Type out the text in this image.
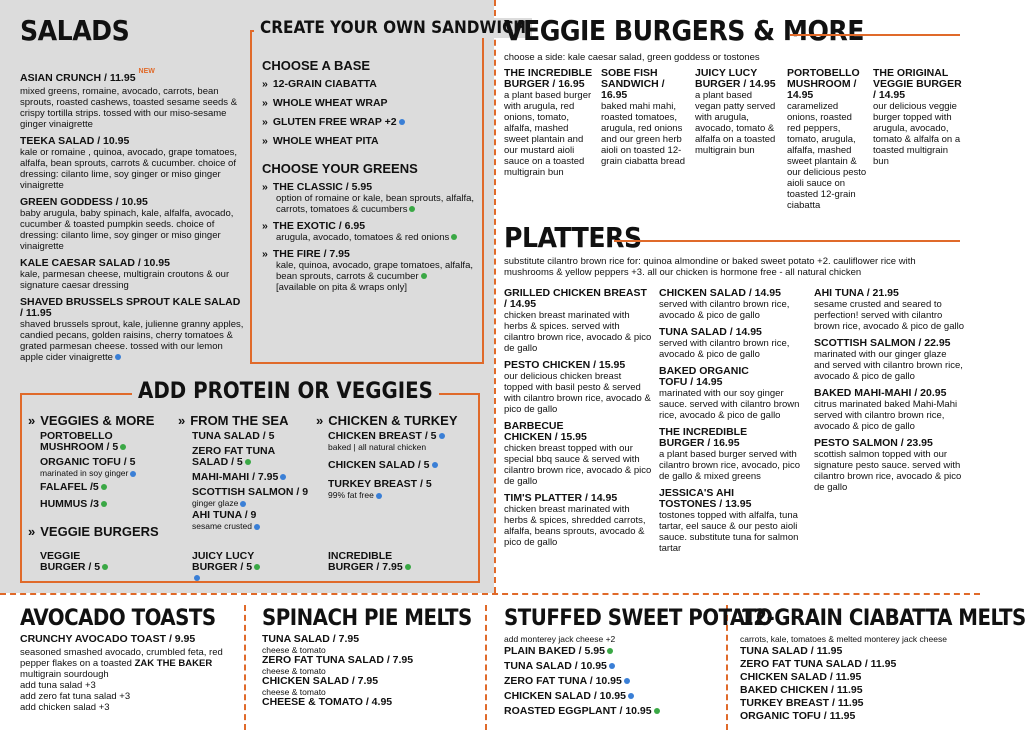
SALADS
ASIAN CRUNCH / $11.95^{NEW}$
mixed greens, romaine, avocado, carrots, bean sprouts, roasted cashews, toasted sesame seeds & crispy tortilla strips. tossed with our miso-sesame ginger vinaigrette
TEEKA SALAD / 10.95
kale or romaine , quinoa, avocado, grape tomatoes, alfalfa, bean sprouts, carrots & cucumber. choice of dressing: cilanto lime, soy ginger or miso ginger vinaigrette
GREEN GODDESS / 10.95
baby arugula, baby spinach, kale, alfalfa, avocado, cucumber & toasted pumpkin seeds. choice of dressing: cilanto lime, soy ginger or miso ginger vinaigrette
KALE CAESAR SALAD / 10.95
kale, parmesan cheese, multigrain croutons & our signature caesar dressing
SHAVED BRUSSELS SPROUT KALE SALAD / 11.95
shaved brussels sprout, kale, julienne granny apples, candied pecans, golden raisins, cherry tomatoes & grated parmesan cheese. tossed with our lemon apple cider vinaigrette
CREATE YOUR OWN SANDWICH
CHOOSE A BASE
» 12-GRAIN CIABATTA
» WHOLE WHEAT WRAP
» GLUTEN FREE WRAP +2
» WHOLE WHEAT PITA
CHOOSE YOUR GREENS
» THE CLASSIC / 5.95
option of romaine or kale, bean sprouts, alfalfa, carrots, tomatoes & cucumbers
» THE EXOTIC / 6.95
arugula, avocado, tomatoes & red onions
» THE FIRE / 7.95
kale, quinoa, avocado, grape tomatoes, alfalfa, bean sprouts, carrots & cucumber
[available on pita & wraps only]
ADD PROTEIN OR VEGGIES
» VEGGIES & MORE
PORTOBELLO MUSHROOM / 5
ORGANIC TOFU / 5
marinated in soy ginger
FALAFEL /5
HUMMUS /3
» VEGGIE BURGERS
» FROM THE SEA
TUNA SALAD / 5
ZERO FAT TUNA SALAD / 5
MAHI-MAHI / 7.95
SCOTTISH SALMON / 9
ginger glaze
AHI TUNA / 9
sesame crusted
» CHICKEN & TURKEY
CHICKEN BREAST / 5
baked | all natural chicken
CHICKEN SALAD / 5
TURKEY BREAST / 5
99% fat free
VEGGIE BURGER / 5
JUICY LUCY BURGER / 5
INCREDIBLE BURGER / 7.95
VEGGIE BURGERS & MORE
choose a side: kale caesar salad, green goddess or tostones
THE INCREDIBLE BURGER / 16.95
a plant based burger with arugula, red onions, tomato, alfalfa, mashed sweet plantain and our mustard aioli sauce on a toasted multigrain bun
SOBE FISH SANDWICH / 16.95
baked mahi mahi, roasted tomatoes, arugula, red onions and our green herb aioli on toasted 12-grain ciabatta bread
JUICY LUCY BURGER / 14.95
a plant based vegan patty served with arugula, avocado, tomato & alfalfa on a toasted multigrain bun
PORTOBELLO MUSHROOM / 14.95
caramelized onions, roasted red peppers, tomato, arugula, alfalfa, mashed sweet plantain & our delicious pesto aioli sauce on toasted 12-grain ciabatta
THE ORIGINAL VEGGIE BURGER / 14.95
our delicious veggie burger topped with arugula, avocado, tomato & alfalfa on a toasted multigrain bun
PLATTERS
substitute cilantro brown rice for: quinoa almondine or baked sweet potato +2. cauliflower rice with mushrooms & yellow peppers +3. all our chicken is hormone free - all natural chicken
GRILLED CHICKEN BREAST / 14.95
chicken breast marinated with herbs & spices. served with cilantro brown rice, avocado & pico de gallo
PESTO CHICKEN / 15.95
our delicious chicken breast topped with basil pesto & served with cilantro brown rice, avocado & pico de gallo
BARBECUE CHICKEN / 15.95
chicken breast topped with our special bbq sauce & served with cilantro brown rice, avocado & pico de gallo
TIM'S PLATTER / 14.95
chicken breast marinated with herbs & spices, shredded carrots, alfalfa, beans sprouts, avocado & pico de gallo
CHICKEN SALAD / 14.95
served with cilantro brown rice, avocado & pico de gallo
TUNA SALAD / 14.95
served with cilantro brown rice, avocado & pico de gallo
BAKED ORGANIC TOFU / 14.95
marinated with our soy ginger sauce. served with cilantro brown rice, avocado & pico de gallo
THE INCREDIBLE BURGER / 16.95
a plant based burger served with cilantro brown rice, avocado, pico de gallo & mixed greens
JESSICA'S AHI TOSTONES / 13.95
tostones topped with alfalfa, tuna tartar, eel sauce & our pesto aioli sauce. substitute tuna for salmon tartar
AHI TUNA / 21.95
sesame crusted and seared to perfection! served with cilantro brown rice, avocado & pico de gallo
SCOTTISH SALMON / 22.95
marinated with our ginger glaze and served with cilantro brown rice, avocado & pico de gallo
BAKED MAHI-MAHI / 20.95
citrus marinated baked Mahi-Mahi served with cilantro brown rice, avocado & pico de gallo
PESTO SALMON / 23.95
scottish salmon topped with our signature pesto sauce. served with cilantro brown rice, avocado & pico de gallo
AVOCADO TOASTS
CRUNCHY AVOCADO TOAST / 9.95
seasoned smashed avocado, crumbled feta, red pepper flakes on a toasted ZAK THE BAKER multigrain sourdough
add tuna salad +3
add zero fat tuna salad +3
add chicken salad +3
SPINACH PIE MELTS
TUNA SALAD / 7.95
cheese & tomato
ZERO FAT TUNA SALAD / 7.95
cheese & tomato
CHICKEN SALAD / 7.95
cheese & tomato
CHEESE & TOMATO / 4.95
STUFFED SWEET POTATO
add monterey jack cheese +2
PLAIN BAKED / 5.95
TUNA SALAD / 10.95
ZERO FAT TUNA / 10.95
CHICKEN SALAD / 10.95
ROASTED EGGPLANT / 10.95
12-GRAIN CIABATTA MELTS
carrots, kale, tomatoes & melted monterey jack cheese
TUNA SALAD / 11.95
ZERO FAT TUNA SALAD / 11.95
CHICKEN SALAD / 11.95
BAKED CHICKEN / 11.95
TURKEY BREAST / 11.95
ORGANIC TOFU / 11.95
